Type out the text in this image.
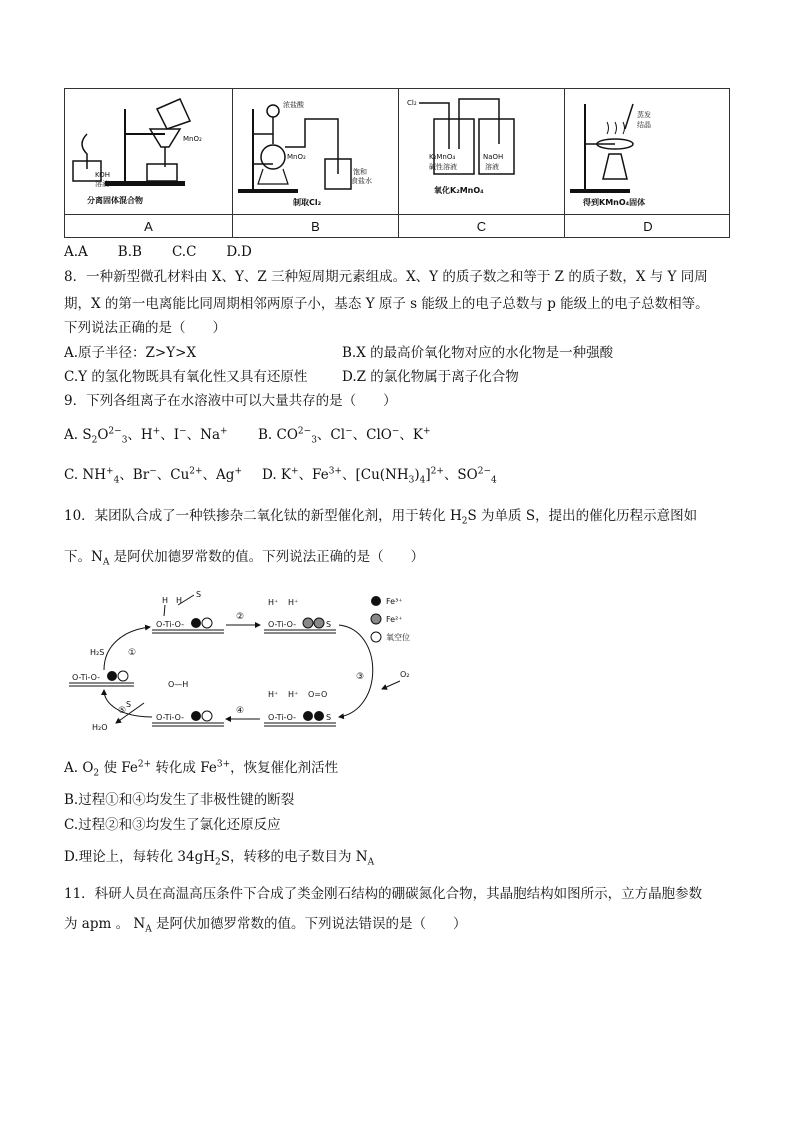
KOH
溶液
MnO₂
分离固体混合物
A
浓盐酸
MnO₂
饱和
食盐水
制取Cl₂
B
Cl₂
K₂MnO₄
碱性溶液
NaOH
溶液
氧化K₂MnO₄
C
蒸发
结晶
得到KMnO₄固体
D
A.A B.B C.C D.D
8．一种新型微孔材料由 X、Y、Z 三种短周期元素组成。X、Y 的质子数之和等于 Z 的质子数，X 与 Y 同周
期，X 的第一电离能比同周期相邻两原子小，基态 Y 原子 s 能级上的电子总数与 p 能级上的电子总数相等。
下列说法正确的是（　　）
A.原子半径：Z>Y>X	B.X 的最高价氧化物对应的水化物是一种强酸
C.Y 的氢化物既具有氧化性又具有还原性	D.Z 的氯化物属于离子化合物
9．下列各组离子在水溶液中可以大量共存的是（　　）
A. $S_2O^{2-}_3$、H+、I−、Na+ B. $CO^{2-}_3$、Cl−、ClO−、K+
C. $NH^+_4$、Br−、$Cu^{2+}$、Ag+ D. K+、$Fe^{3+}$、$[Cu(NH_3)_4]^{2+}$、$SO^{2-}_4$
10．某团队合成了一种铁掺杂二氧化钛的新型催化剂，用于转化 $H_2S$ 为单质 S，提出的催化历程示意图如
下。$N_A$ 是阿伏加德罗常数的值。下列说法正确的是（　　）
O-Ti-O-
H H
S
O-Ti-O-	S
H⁺ H⁺
O-Ti-O-
H₂S
O-Ti-O-
O—H
S
H₂O
O-Ti-O-	S
H⁺ H⁺ O=O
O₂
②
③
④
①
⑤
Fe³⁺
Fe²⁺
氧空位
A. $O_2$ 使 $Fe^{2+}$ 转化成 $Fe^{3+}$，恢复催化剂活性
B.过程①和④均发生了非极性键的断裂
C.过程②和③均发生了氯化还原反应
D.理论上，每转化 $34gH_2S$，转移的电子数目为 $N_A$
11．科研人员在高温高压条件下合成了类金刚石结构的硼碳氮化合物，其晶胞结构如图所示，立方晶胞参数
为 apm 。 $N_A$ 是阿伏加德罗常数的值。下列说法错误的是（　　）
